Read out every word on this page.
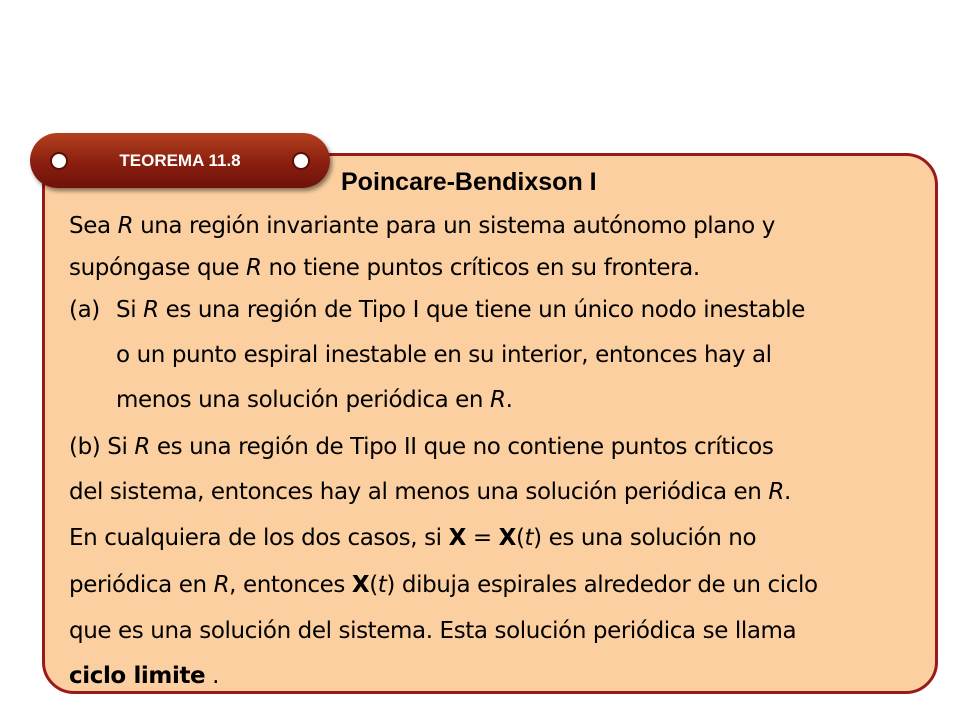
TEOREMA 11.8
Poincare-Bendixson I
Sea R una región invariante para un sistema autónomo plano y
supóngase que R no tiene puntos críticos en su frontera.
(a) Si R es una región de Tipo I que tiene un único nodo inestable
o un punto espiral inestable en su interior, entonces hay al
menos una solución periódica en R.
(b) Si R es una región de Tipo II que no contiene puntos críticos
del sistema, entonces hay al menos una solución periódica en R.
En cualquiera de los dos casos, si X = X(t) es una solución no
periódica en R, entonces X(t) dibuja espirales alrededor de un ciclo
que es una solución del sistema. Esta solución periódica se llama
ciclo limite .
